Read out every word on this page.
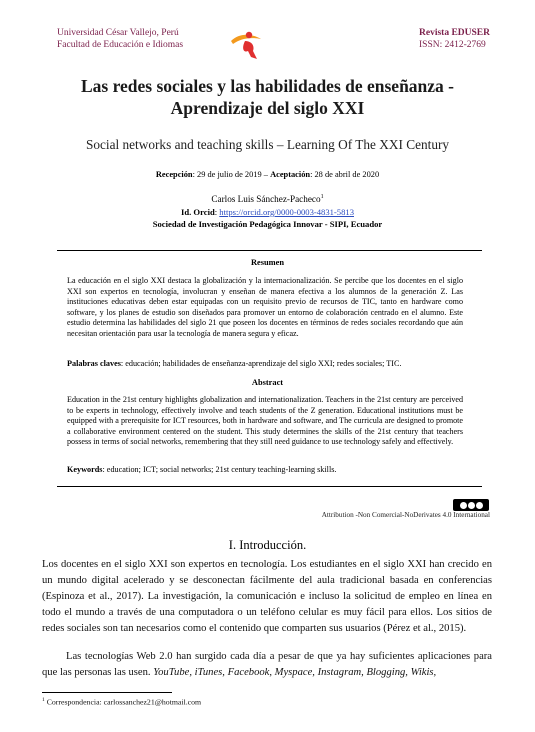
Universidad César Vallejo, Perú
Facultad de Educación e Idiomas
Revista EDUSER
ISSN: 2412-2769
Las redes sociales y las habilidades de enseñanza -
Aprendizaje del siglo XXI
Social networks and teaching skills – Learning Of The XXI Century
Recepción: 29 de julio de 2019 – Aceptación: 28 de abril de 2020
Carlos Luis Sánchez-Pacheco$^1$
Id. Orcid: https://orcid.org/0000-0003-4831-5813
Sociedad de Investigación Pedagógica Innovar - SIPI, Ecuador
Resumen
La educación en el siglo XXI destaca la globalización y la internacionalización. Se percibe que los docentes en el siglo XXI son expertos en tecnología, involucran y enseñan de manera efectiva a los alumnos de la generación Z. Las instituciones educativas deben estar equipadas con un requisito previo de recursos de TIC, tanto en hardware como software, y los planes de estudio son diseñados para promover un entorno de colaboración centrado en el alumno. Este estudio determina las habilidades del siglo 21 que poseen los docentes en términos de redes sociales recordando que aún necesitan orientación para usar la tecnología de manera segura y eficaz.
Palabras claves: educación; habilidades de enseñanza-aprendizaje del siglo XXI; redes sociales; TIC.
Abstract
Education in the 21st century highlights globalization and internationalization. Teachers in the 21st century are perceived to be experts in technology, effectively involve and teach students of the Z generation. Educational institutions must be equipped with a prerequisite for ICT resources, both in hardware and software, and The curricula are designed to promote a collaborative environment centered on the student. This study determines the skills of the 21st century that teachers possess in terms of social networks, remembering that they still need guidance to use technology safely and effectively.
Keywords: education; ICT; social networks; 21st century teaching-learning skills.
Attribution -Non Comercial-NoDerivates 4.0 International
I. Introducción.
Los docentes en el siglo XXI son expertos en tecnología. Los estudiantes en el siglo XXI han crecido en un mundo digital acelerado y se desconectan fácilmente del aula tradicional basada en conferencias (Espinoza et al., 2017). La investigación, la comunicación e incluso la solicitud de empleo en línea en todo el mundo a través de una computadora o un teléfono celular es muy fácil para ellos. Los sitios de redes sociales son tan necesarios como el contenido que comparten sus usuarios (Pérez et al., 2015).
Las tecnologías Web 2.0 han surgido cada día a pesar de que ya hay suficientes aplicaciones para que las personas las usen. YouTube, iTunes, Facebook, Myspace, Instagram, Blogging, Wikis,
$^1$ Correspondencia: carlossanchez21@hotmail.com
